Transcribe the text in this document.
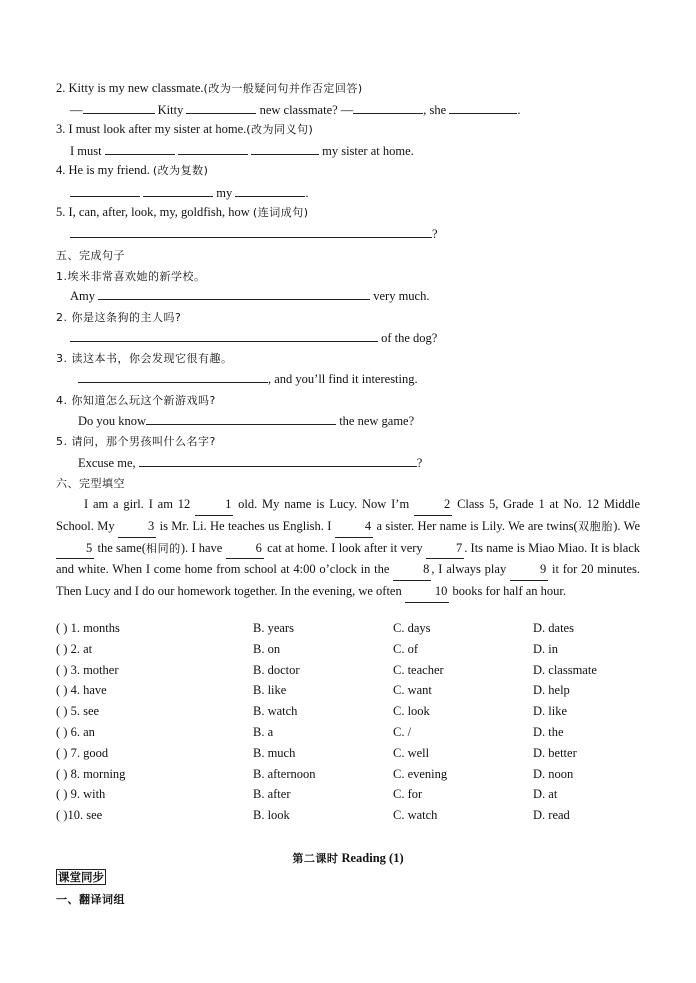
2. Kitty is my new classmate.(改为一般疑问句并作否定回答)
—	Kitty	new classmate? —	, she	.
3. I must look after my sister at home.(改为同义句)
I must	my sister at home.
4. He is my friend. (改为复数)
my	.
5. I, can, after, look, my, goldfish, how (连词成句)
?
五、完成句子
1.埃米非常喜欢她的新学校。
Amy	very much.
2. 你是这条狗的主人吗?
of the dog?
3. 读这本书，你会发现它很有趣。
, and you’ll find it interesting.
4. 你知道怎么玩这个新游戏吗?
Do you know	the new game?
5. 请问，那个男孩叫什么名字?
Excuse me,	?
六、完型填空
I am a girl. I am 12	1 old. My name is Lucy. Now I’m	2 Class 5, Grade 1 at No. 12 Middle School. My	3 is Mr. Li. He teaches us English. I	4 a sister. Her name is Lily. We are twins(双胞胎). We 5 the same(相同的). I have	6 cat at home. I look after it very	7 . Its name is Miao Miao. It is black and white. When I come home from school at 4:00 o’clock in the	8 , I always play	9 it for 20 minutes. Then Lucy and I do our homework together. In the evening, we often	10 books for half an hour.
( ) 1. months	B. years	C. days	D. dates
( ) 2. at	B. on	C. of	D. in
( ) 3. mother	B. doctor	C. teacher	D. classmate
( ) 4. have	B. like	C. want	D. help
( ) 5. see	B. watch	C. look	D. like
( ) 6. an	B. a	C. /	D. the
( ) 7. good	B. much	C. well	D. better
( ) 8. morning	B. afternoon	C. evening	D. noon
( ) 9. with	B. after	C. for	D. at
( )10. see	B. look	C. watch	D. read
第二课时 Reading (1)
课堂同步
一、翻译词组
